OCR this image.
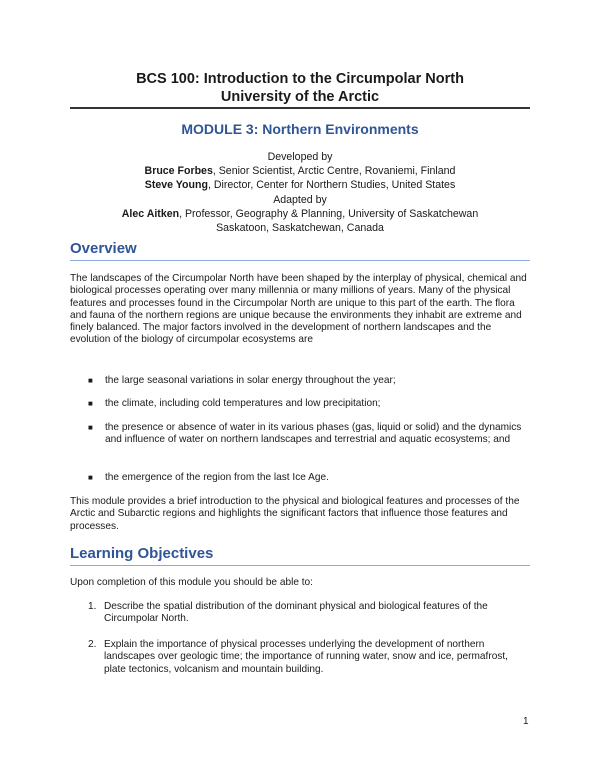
BCS 100: Introduction to the Circumpolar North
University of the Arctic
MODULE 3: Northern Environments
Developed by
Bruce Forbes, Senior Scientist, Arctic Centre, Rovaniemi, Finland
Steve Young, Director, Center for Northern Studies, United States
Adapted by
Alec Aitken, Professor, Geography & Planning, University of Saskatchewan
Saskatoon, Saskatchewan, Canada
Overview
The landscapes of the Circumpolar North have been shaped by the interplay of physical, chemical and biological processes operating over many millennia or many millions of years. Many of the physical features and processes found in the Circumpolar North are unique to this part of the earth. The flora and fauna of the northern regions are unique because the environments they inhabit are extreme and finely balanced. The major factors involved in the development of northern landscapes and the evolution of the biology of circumpolar ecosystems are
■ the large seasonal variations in solar energy throughout the year;
■ the climate, including cold temperatures and low precipitation;
■ the presence or absence of water in its various phases (gas, liquid or solid) and the dynamics and influence of water on northern landscapes and terrestrial and aquatic ecosystems; and
■ the emergence of the region from the last Ice Age.
This module provides a brief introduction to the physical and biological features and processes of the Arctic and Subarctic regions and highlights the significant factors that influence those features and processes.
Learning Objectives
Upon completion of this module you should be able to:
1. Describe the spatial distribution of the dominant physical and biological features of the Circumpolar North.
2. Explain the importance of physical processes underlying the development of northern landscapes over geologic time; the importance of running water, snow and ice, permafrost, plate tectonics, volcanism and mountain building.
1
